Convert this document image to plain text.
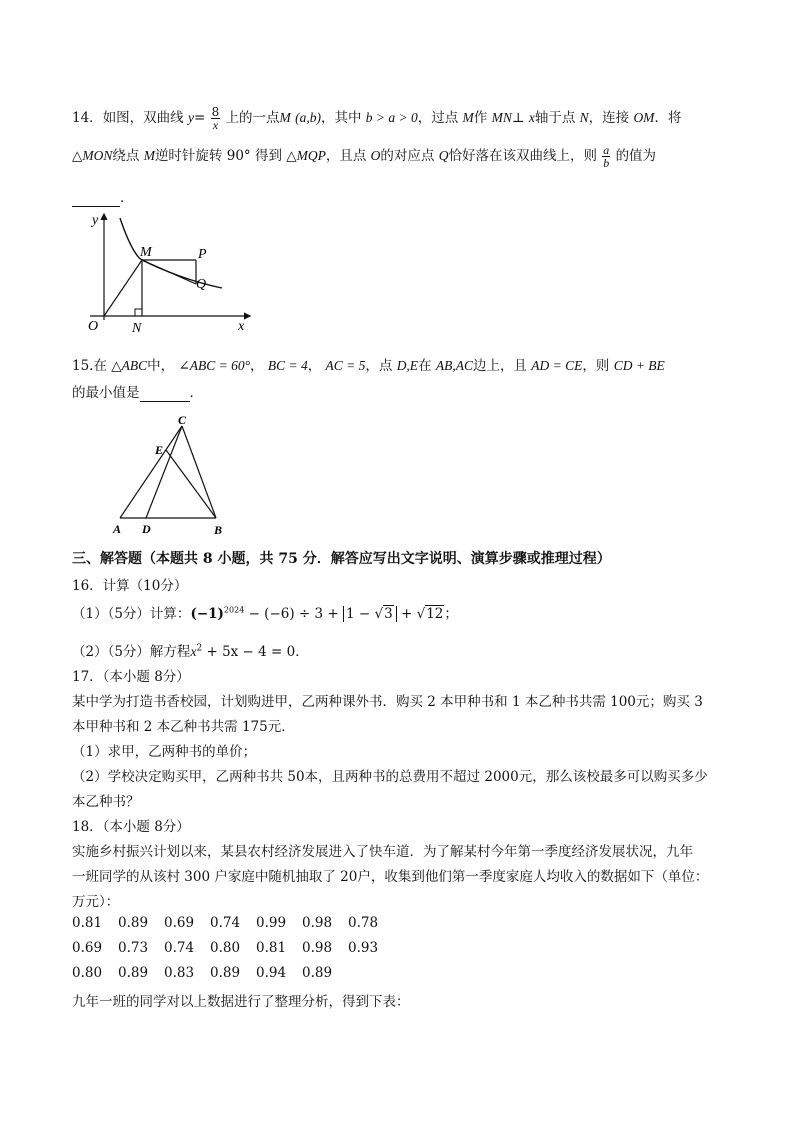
14．如图，双曲线 $y= \frac{8}{x}$ 上的一点M (a,b)，其中 b > a > 0，过点 M作 MN⊥ x轴于点 N，连接 OM．将
△MON绕点 M逆时针旋转 90° 得到 △MQP，且点 O的对应点 Q恰好落在该双曲线上，则 $\frac{a}{b}$ 的值为
．
y
x
O
M	P
Q
N
15.在 △ABC中， ∠ABC = 60°， BC = 4， AC = 5，点 D,E在 AB,AC边上，且 AD = CE，则 CD + BE
的最小值是	．
C
E
A D	B
三、解答题（本题共 8 小题，共 75 分．解答应写出文字说明、演算步骤或推理过程）
16．计算（10分）
（1）（5分）计算：$(-1)^{2024} - (-6) \div 3 + 1 - √3 + √12$；
（2）（5分）解方程$x^2 + 5x - 4 = 0$．
17．（本小题 8分）
某中学为打造书香校园，计划购进甲，乙两种课外书．购买 2 本甲种书和 1 本乙种书共需 100元；购买 3
本甲种书和 2 本乙种书共需 175元．
（1）求甲，乙两种书的单价；
（2）学校决定购买甲，乙两种书共 50本，且两种书的总费用不超过 2000元，那么该校最多可以购买多少
本乙种书？
18．（本小题 8分）
实施乡村振兴计划以来，某县农村经济发展进入了快车道．为了解某村今年第一季度经济发展状况，九年
一班同学的从该村 300 户家庭中随机抽取了 20户，收集到他们第一季度家庭人均收入的数据如下（单位：
万元）：
0.81 0.89 0.69 0.74 0.99 0.98 0.78
0.69 0.73 0.74 0.80 0.81 0.98 0.93
0.80 0.89 0.83 0.89 0.94 0.89
九年一班的同学对以上数据进行了整理分析，得到下表：
